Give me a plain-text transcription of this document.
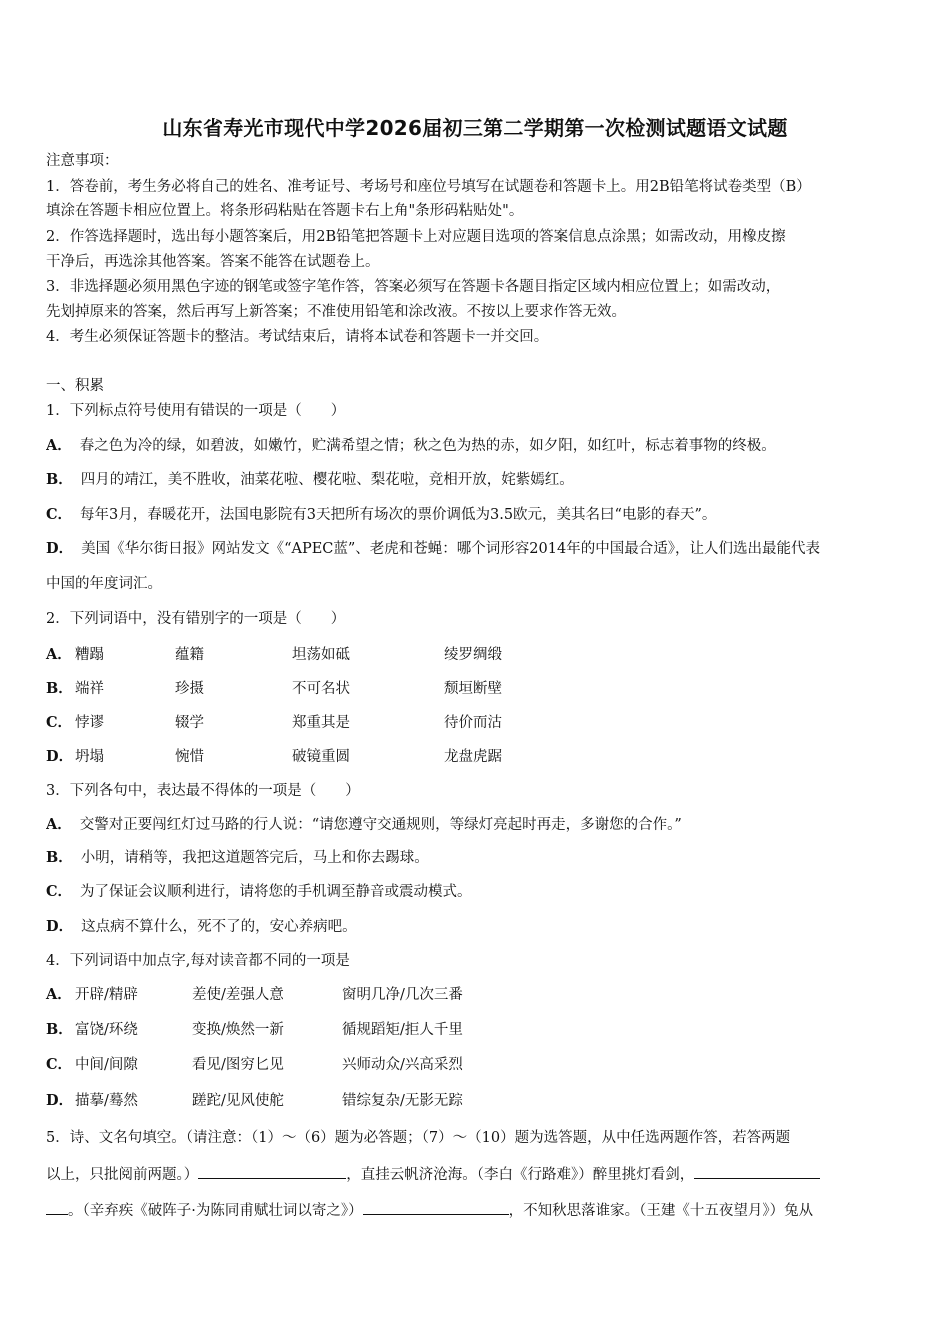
山东省寿光市现代中学2026届初三第二学期第一次检测试题语文试题
注意事项：
1．答卷前，考生务必将自己的姓名、准考证号、考场号和座位号填写在试题卷和答题卡上。用2B铅笔将试卷类型（B）
填涂在答题卡相应位置上。将条形码粘贴在答题卡右上角"条形码粘贴处"。
2．作答选择题时，选出每小题答案后，用2B铅笔把答题卡上对应题目选项的答案信息点涂黑；如需改动，用橡皮擦
干净后，再选涂其他答案。答案不能答在试题卷上。
3．非选择题必须用黑色字迹的钢笔或签字笔作答，答案必须写在答题卡各题目指定区域内相应位置上；如需改动，
先划掉原来的答案，然后再写上新答案；不准使用铅笔和涂改液。不按以上要求作答无效。
4．考生必须保证答题卡的整洁。考试结束后，请将本试卷和答题卡一并交回。
一、积累
1．下列标点符号使用有错误的一项是（　　）
A． 春之色为冷的绿，如碧波，如嫩竹，贮满希望之情；秋之色为热的赤，如夕阳，如红叶，标志着事物的终极。
B． 四月的靖江，美不胜收，油菜花啦、樱花啦、梨花啦，竞相开放，姹紫嫣红。
C． 每年3月，春暖花开，法国电影院有3天把所有场次的票价调低为3.5欧元，美其名曰“电影的春天”。
D． 美国《华尔街日报》网站发文《“APEC蓝”、老虎和苍蝇：哪个词形容2014年的中国最合适》，让人们选出最能代表
中国的年度词汇。
2．下列词语中，没有错别字的一项是（　　）
A． 糟蹋	蕴籍	坦荡如砥	绫罗绸缎
B． 端祥	珍摄	不可名状	颓垣断壁
C． 悖谬	辍学	郑重其是	待价而沽
D． 坍塌	惋惜	破镜重圆	龙盘虎踞
3．下列各句中，表达最不得体的一项是（　　）
A． 交警对正要闯红灯过马路的行人说：“请您遵守交通规则，等绿灯亮起时再走，多谢您的合作。”
B． 小明，请稍等，我把这道题答完后，马上和你去踢球。
C． 为了保证会议顺利进行，请将您的手机调至静音或震动模式。
D． 这点病不算什么，死不了的，安心养病吧。
4．下列词语中加点字,每对读音都不同的一项是
A． 开辟/精辟	差使/差强人意	窗明几净/几次三番
B． 富饶/环绕	变换/焕然一新	循规蹈矩/拒人千里
C． 中间/间隙	看见/图穷匕见	兴师动众/兴高采烈
D． 描摹/蓦然	蹉跎/见风使舵	错综复杂/无影无踪
5．诗、文名句填空。（请注意：（1）～（6）题为必答题；（7）～（10）题为选答题，从中任选两题作答，若答两题
以上，只批阅前两题。）	，直挂云帆济沧海。（李白《行路难》）醉里挑灯看剑，
。（辛弃疾《破阵子·为陈同甫赋壮词以寄之》）	，不知秋思落谁家。（王建《十五夜望月》）兔从
